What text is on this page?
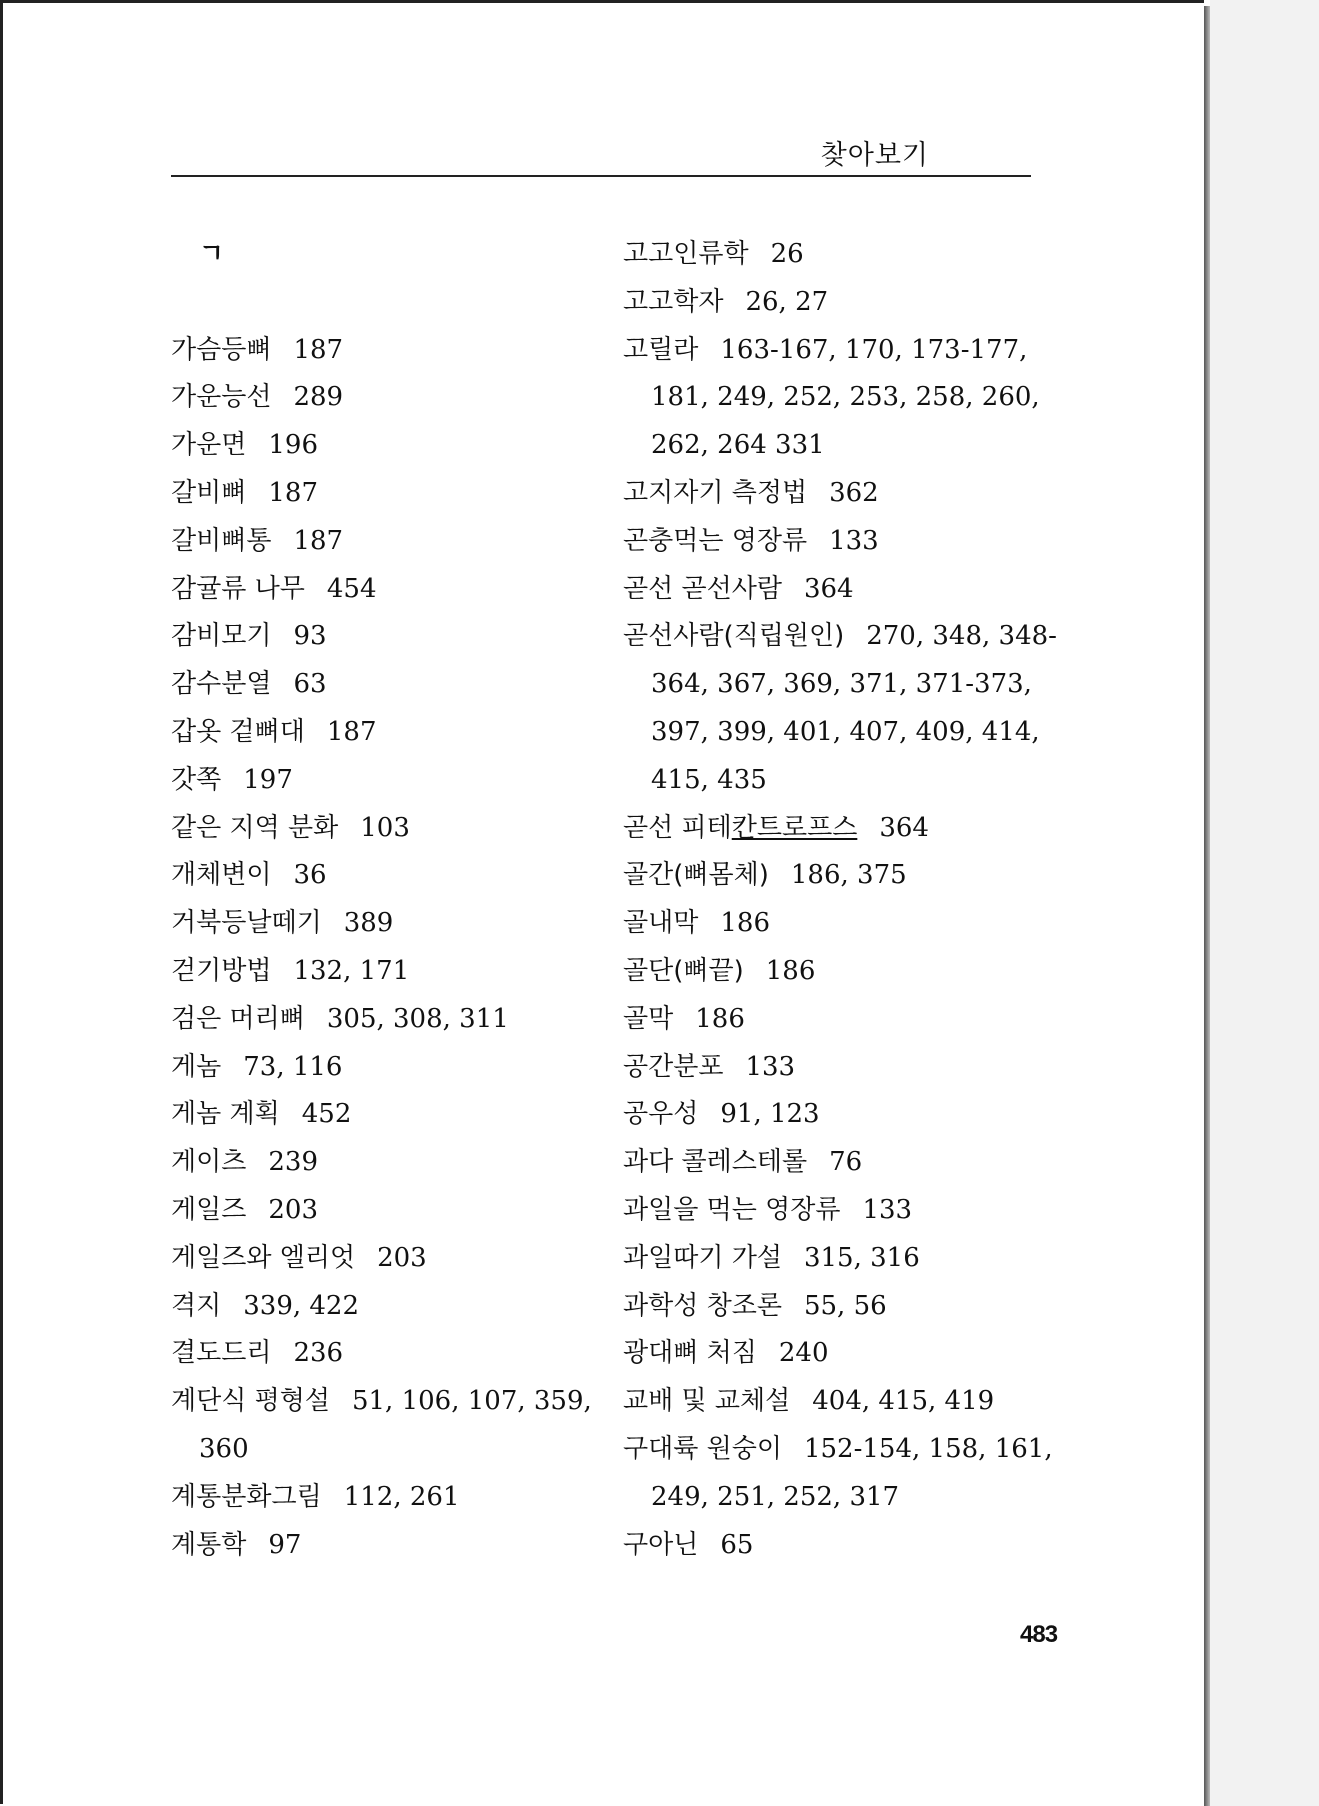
찾아보기
ㄱ
가슴등뼈 187
가운능선 289
가운면 196
갈비뼈 187
갈비뼈통 187
감귤류 나무 454
감비모기 93
감수분열 63
갑옷 겉뼈대 187
갓쪽 197
같은 지역 분화 103
개체변이 36
거북등날떼기 389
걷기방법 132, 171
검은 머리뼈 305, 308, 311
게놈 73, 116
게놈 계획 452
게이츠 239
게일즈 203
게일즈와 엘리엇 203
격지 339, 422
결도드리 236
계단식 평형설 51, 106, 107, 359,
360
계통분화그림 112, 261
계통학 97
고고인류학 26
고고학자 26, 27
고릴라 163-167, 170, 173-177,
181, 249, 252, 253, 258, 260,
262, 264 331
고지자기 측정법 362
곤충먹는 영장류 133
곧선 곧선사람 364
곧선사람(직립원인) 270, 348, 348-
364, 367, 369, 371, 371-373,
397, 399, 401, 407, 409, 414,
415, 435
곧선 피테칸트로프스 364
골간(뼈몸체) 186, 375
골내막 186
골단(뼈끝) 186
골막 186
공간분포 133
공우성 91, 123
과다 콜레스테롤 76
과일을 먹는 영장류 133
과일따기 가설 315, 316
과학성 창조론 55, 56
광대뼈 처짐 240
교배 및 교체설 404, 415, 419
구대륙 원숭이 152-154, 158, 161,
249, 251, 252, 317
구아닌 65
483
